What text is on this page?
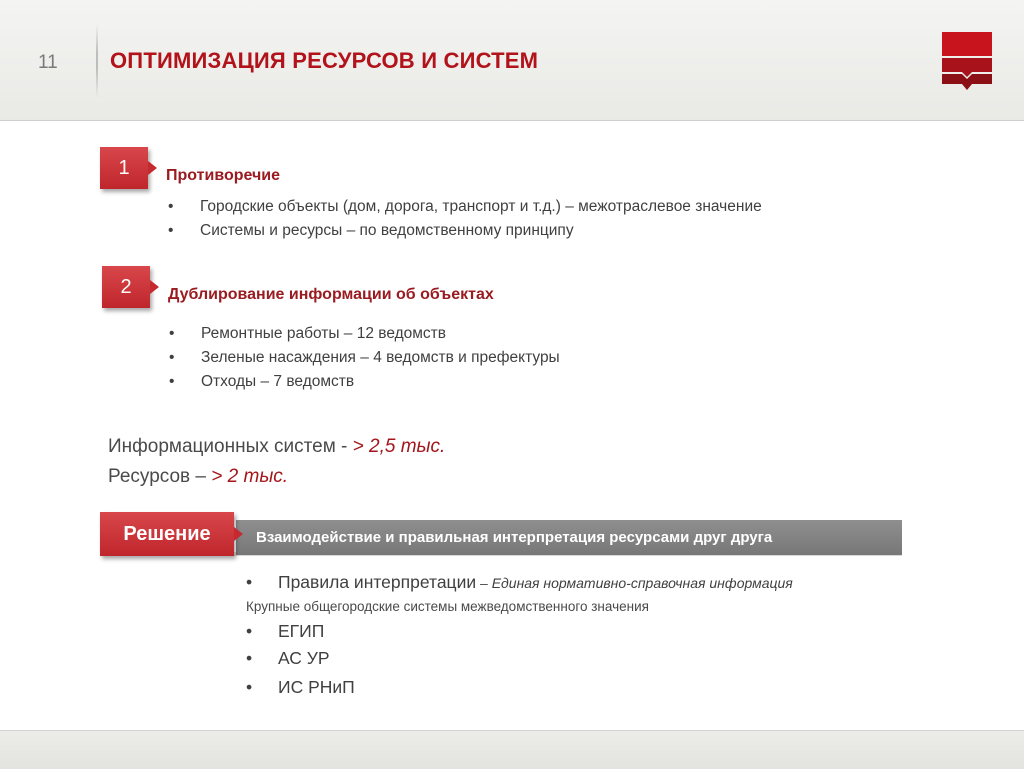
11 ОПТИМИЗАЦИЯ РЕСУРСОВ И СИСТЕМ
1 Противоречие
• Городские объекты (дом, дорога, транспорт и т.д.) – межотраслевое значение
• Системы и ресурсы – по ведомственному принципу
2 Дублирование информации об объектах
• Ремонтные работы – 12 ведомств
• Зеленые насаждения – 4 ведомств и префектуры
• Отходы – 7 ведомств
Информационных систем - > 2,5 тыс.
Ресурсов – > 2 тыс.
Взаимодействие и правильная интерпретация ресурсами друг друга
Решение
• Правила интерпретации – Единая нормативно-справочная информация
Крупные общегородские системы межведомственного значения
• ЕГИП
• АС УР
• ИС РНиП
